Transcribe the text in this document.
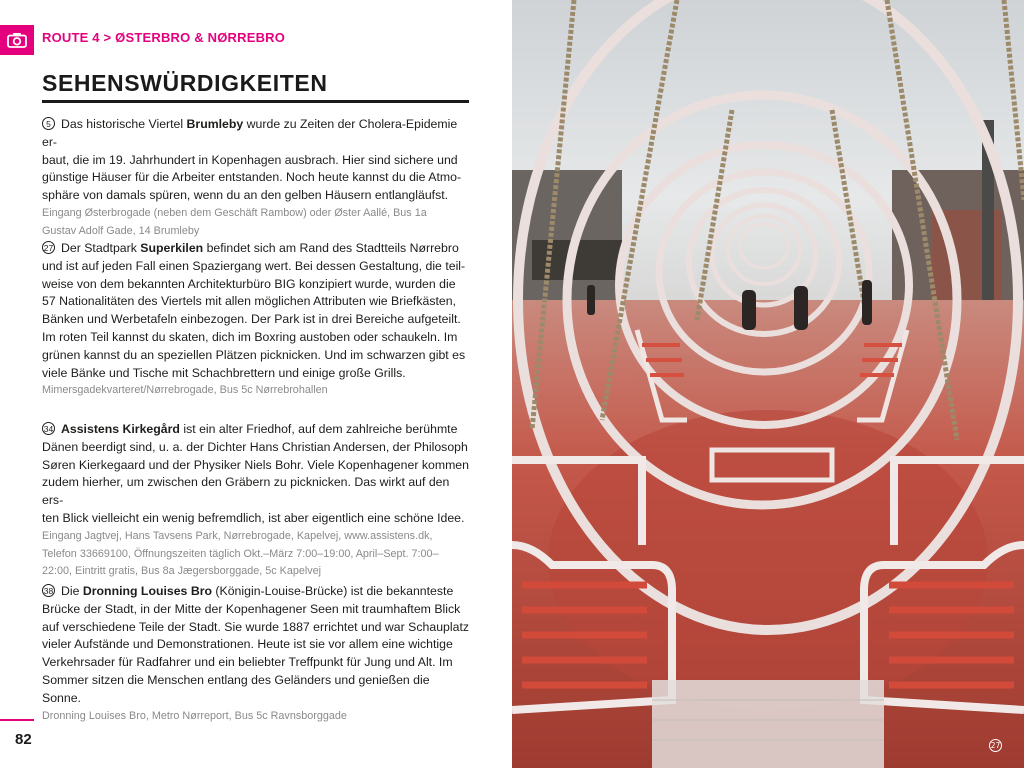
ROUTE 4 > ØSTERBRO & NØRREBRO
SEHENSWÜRDIGKEITEN

5 Das historische Viertel Brumleby wurde zu Zeiten der Cholera-Epidemie er-
baut, die im 19. Jahrhundert in Kopenhagen ausbrach. Hier sind sichere und
günstige Häuser für die Arbeiter entstanden. Noch heute kannst du die Atmo-
sphäre von damals spüren, wenn du an den gelben Häusern entlangläufst.

Eingang Østerbrogade (neben dem Geschäft Rambow) oder Øster Aallé, Bus 1a
Gustav Adolf Gade, 14 Brumleby

27 Der Stadtpark Superkilen befindet sich am Rand des Stadtteils Nørrebro
und ist auf jeden Fall einen Spaziergang wert. Bei dessen Gestaltung, die teil-
weise von dem bekannten Architekturbüro BIG konzipiert wurde, wurden die
57 Nationalitäten des Viertels mit allen möglichen Attributen wie Briefkästen,
Bänken und Werbetafeln einbezogen. Der Park ist in drei Bereiche aufgeteilt.
Im roten Teil kannst du skaten, dich im Boxring austoben oder schaukeln. Im
grünen kannst du an speziellen Plätzen picknicken. Und im schwarzen gibt es
viele Bänke und Tische mit Schachbrettern und einige große Grills.

Mimersgadekvarteret/Nørrebrogade, Bus 5c Nørrebrohallen

34 Assistens Kirkegård ist ein alter Friedhof, auf dem zahlreiche berühmte
Dänen beerdigt sind, u. a. der Dichter Hans Christian Andersen, der Philosoph
Søren Kierkegaard und der Physiker Niels Bohr. Viele Kopenhagener kommen
zudem hierher, um zwischen den Gräbern zu picknicken. Das wirkt auf den ers-
ten Blick vielleicht ein wenig befremdlich, ist aber eigentlich eine schöne Idee.

Eingang Jagtvej, Hans Tavsens Park, Nørrebrogade, Kapelvej, www.assistens.dk,
Telefon 33669100, Öffnungszeiten täglich Okt.–März 7:00–19:00, April–Sept. 7:00–
22:00, Eintritt gratis, Bus 8a Jægersborggade, 5c Kapelvej

38 Die Dronning Louises Bro (Königin-Louise-Brücke) ist die bekannteste
Brücke der Stadt, in der Mitte der Kopenhagener Seen mit traumhaftem Blick
auf verschiedene Teile der Stadt. Sie wurde 1887 errichtet und war Schauplatz
vieler Aufstände und Demonstrationen. Heute ist sie vor allem eine wichtige
Verkehrsader für Radfahrer und ein beliebter Treffpunkt für Jung und Alt. Im
Sommer sitzen die Menschen entlang des Geländers und genießen die Sonne.

Dronning Louises Bro, Metro Nørreport, Bus 5c Ravnsborggade

82	27
